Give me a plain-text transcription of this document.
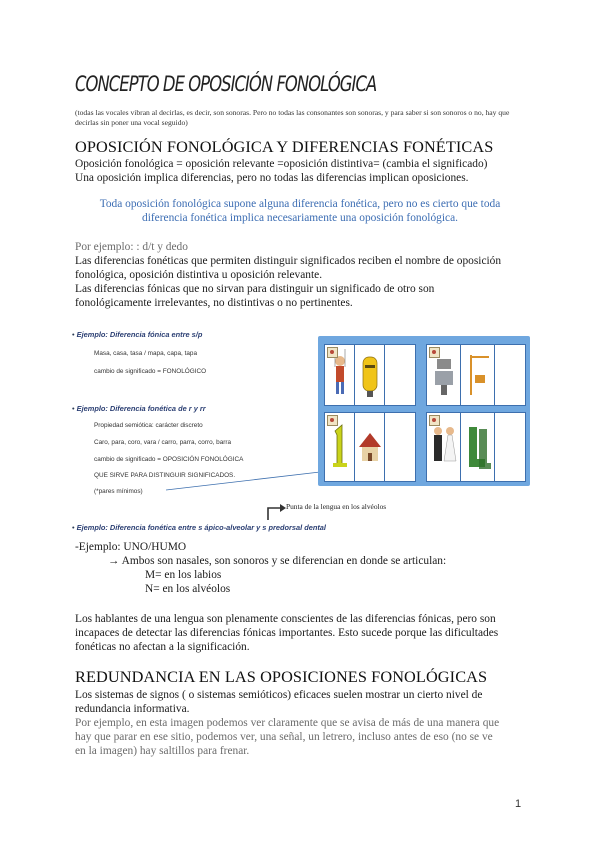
CONCEPTO DE OPOSICIÓN FONOLÓGICA
(todas las vocales vibran al decirlas, es decir, son sonoras. Pero no todas las consonantes son sonoras, y para saber si son sonoros o no, hay que decirlas sin poner una vocal seguido)
OPOSICIÓN FONOLÓGICA Y DIFERENCIAS FONÉTICAS
Oposición fonológica = oposición relevante =oposición distintiva= (cambia el significado)
Una oposición implica diferencias, pero no todas las diferencias implican oposiciones.
Toda oposición fonológica supone alguna diferencia fonética, pero no es cierto que toda
diferencia fonética implica necesariamente una oposición fonológica.
Por ejemplo: : d/t y dedo
Las diferencias fonéticas que permiten distinguir significados reciben el nombre de oposición
fonológica, oposición distintiva u oposición relevante.
Las diferencias fónicas que no sirvan para distinguir un significado de otro son
fonológicamente irrelevantes, no distintivas o no pertinentes.
• Ejemplo: Diferencia fónica entre s/p
Masa, casa, tasa / mapa, capa, tapa
cambio de significado = FONOLÓGICO
• Ejemplo: Diferencia fonética de r y rr
Propiedad semiótica: carácter discreto
Caro, para, coro, vara / carro, parra, corro, barra
cambio de significado = OPOSICIÓN FONOLÓGICA
QUE SIRVE PARA DISTINGUIR SIGNIFICADOS.
(*pares mínimos)
Punta de la lengua en los alvéolos
• Ejemplo: Diferencia fonética entre s ápico-alveolar y s predorsal dental
-Ejemplo: UNO/HUMO
→ Ambos son nasales, son sonoros y se diferencian en donde se articulan:
M= en los labios
N= en los alvéolos
Los hablantes de una lengua son plenamente conscientes de las diferencias fónicas, pero son
incapaces de detectar las diferencias fónicas importantes. Esto sucede porque las dificultades
fonéticas no afectan a la significación.
REDUNDANCIA EN LAS OPOSICIONES FONOLÓGICAS
Los sistemas de signos ( o sistemas semióticos) eficaces suelen mostrar un cierto nivel de
redundancia informativa.
Por ejemplo, en esta imagen podemos ver claramente que se avisa de más de una manera que
hay que parar en ese sitio, podemos ver, una señal, un letrero, incluso antes de eso (no se ve
en la imagen) hay saltillos para frenar.
1
